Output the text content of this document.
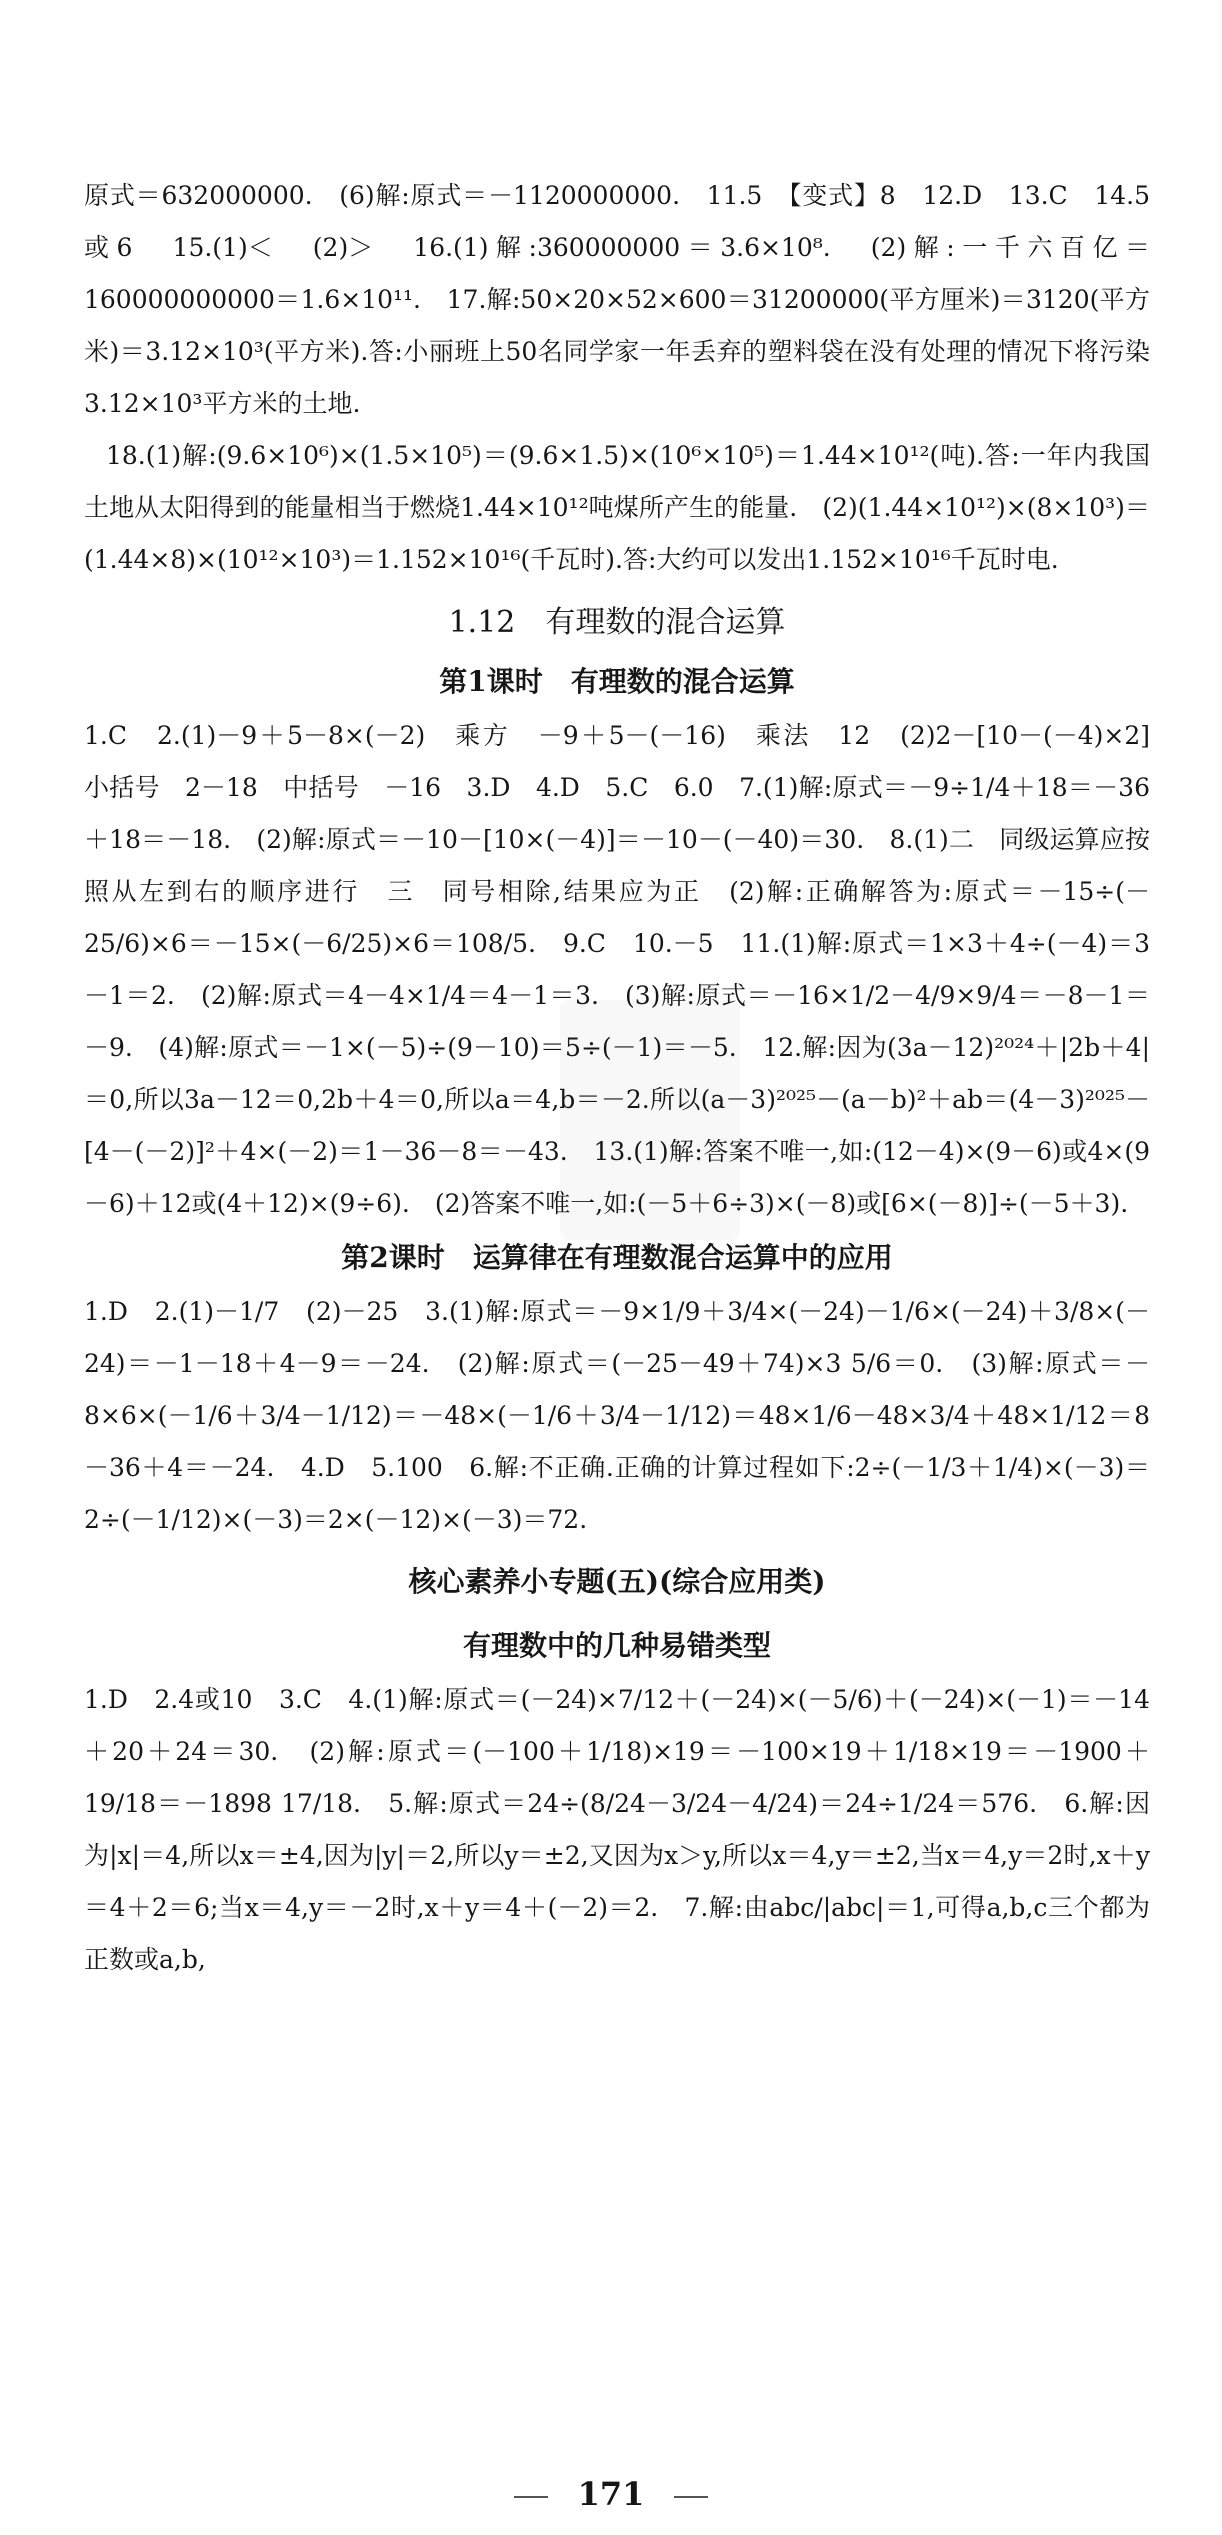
原式＝632000000.　(6)解:原式＝－1120000000.　11.5　【变式】8　12.D　13.C　14.5或6　15.(1)＜　(2)＞　16.(1)解:360000000＝3.6×10⁸.　(2)解:一千六百亿＝160000000000＝1.6×10¹¹.　17.解:50×20×52×600＝31200000(平方厘米)＝3120(平方米)＝3.12×10³(平方米).答:小丽班上50名同学家一年丢弃的塑料袋在没有处理的情况下将污染3.12×10³平方米的土地.

18.(1)解:(9.6×10⁶)×(1.5×10⁵)＝(9.6×1.5)×(10⁶×10⁵)＝1.44×10¹²(吨).答:一年内我国土地从太阳得到的能量相当于燃烧1.44×10¹²吨煤所产生的能量.　(2)(1.44×10¹²)×(8×10³)＝(1.44×8)×(10¹²×10³)＝1.152×10¹⁶(千瓦时).答:大约可以发出1.152×10¹⁶千瓦时电.

1.12　有理数的混合运算
第1课时　有理数的混合运算

1.C　2.(1)－9＋5－8×(－2)　乘方　－9＋5－(－16)　乘法　12　(2)2－[10－(－4)×2]　小括号　2－18　中括号　－16　3.D　4.D　5.C　6.0　7.(1)解:原式＝－9÷1/4＋18＝－36＋18＝－18.　(2)解:原式＝－10－[10×(－4)]＝－10－(－40)＝30.　8.(1)二　同级运算应按照从左到右的顺序进行　三　同号相除,结果应为正　(2)解:正确解答为:原式＝－15÷(－25/6)×6＝－15×(－6/25)×6＝108/5.　9.C　10.－5　11.(1)解:原式＝1×3＋4÷(－4)＝3－1＝2.　(2)解:原式＝4－4×1/4＝4－1＝3.　(3)解:原式＝－16×1/2－4/9×9/4＝－8－1＝－9.　(4)解:原式＝－1×(－5)÷(9－10)＝5÷(－1)＝－5.　12.解:因为(3a－12)²⁰²⁴＋|2b＋4|＝0,所以3a－12＝0,2b＋4＝0,所以a＝4,b＝－2.所以(a－3)²⁰²⁵－(a－b)²＋ab＝(4－3)²⁰²⁵－[4－(－2)]²＋4×(－2)＝1－36－8＝－43.　13.(1)解:答案不唯一,如:(12－4)×(9－6)或4×(9－6)＋12或(4＋12)×(9÷6).　(2)答案不唯一,如:(－5＋6÷3)×(－8)或[6×(－8)]÷(－5＋3).

第2课时　运算律在有理数混合运算中的应用

1.D　2.(1)－1/7　(2)－25　3.(1)解:原式＝－9×1/9＋3/4×(－24)－1/6×(－24)＋3/8×(－24)＝－1－18＋4－9＝－24.　(2)解:原式＝(－25－49＋74)×3 5/6＝0.　(3)解:原式＝－8×6×(－1/6＋3/4－1/12)＝－48×(－1/6＋3/4－1/12)＝48×1/6－48×3/4＋48×1/12＝8－36＋4＝－24.　4.D　5.100　6.解:不正确.正确的计算过程如下:2÷(－1/3＋1/4)×(－3)＝2÷(－1/12)×(－3)＝2×(－12)×(－3)＝72.

核心素养小专题(五)(综合应用类)
有理数中的几种易错类型

1.D　2.4或10　3.C　4.(1)解:原式＝(－24)×7/12＋(－24)×(－5/6)＋(－24)×(－1)＝－14＋20＋24＝30.　(2)解:原式＝(－100＋1/18)×19＝－100×19＋1/18×19＝－1900＋19/18＝－1898 17/18.　5.解:原式＝24÷(8/24－3/24－4/24)＝24÷1/24＝576.　6.解:因为|x|＝4,所以x＝±4,因为|y|＝2,所以y＝±2,又因为x＞y,所以x＝4,y＝±2,当x＝4,y＝2时,x＋y＝4＋2＝6;当x＝4,y＝－2时,x＋y＝4＋(－2)＝2.　7.解:由abc/|abc|＝1,可得a,b,c三个都为正数或a,b,

171
